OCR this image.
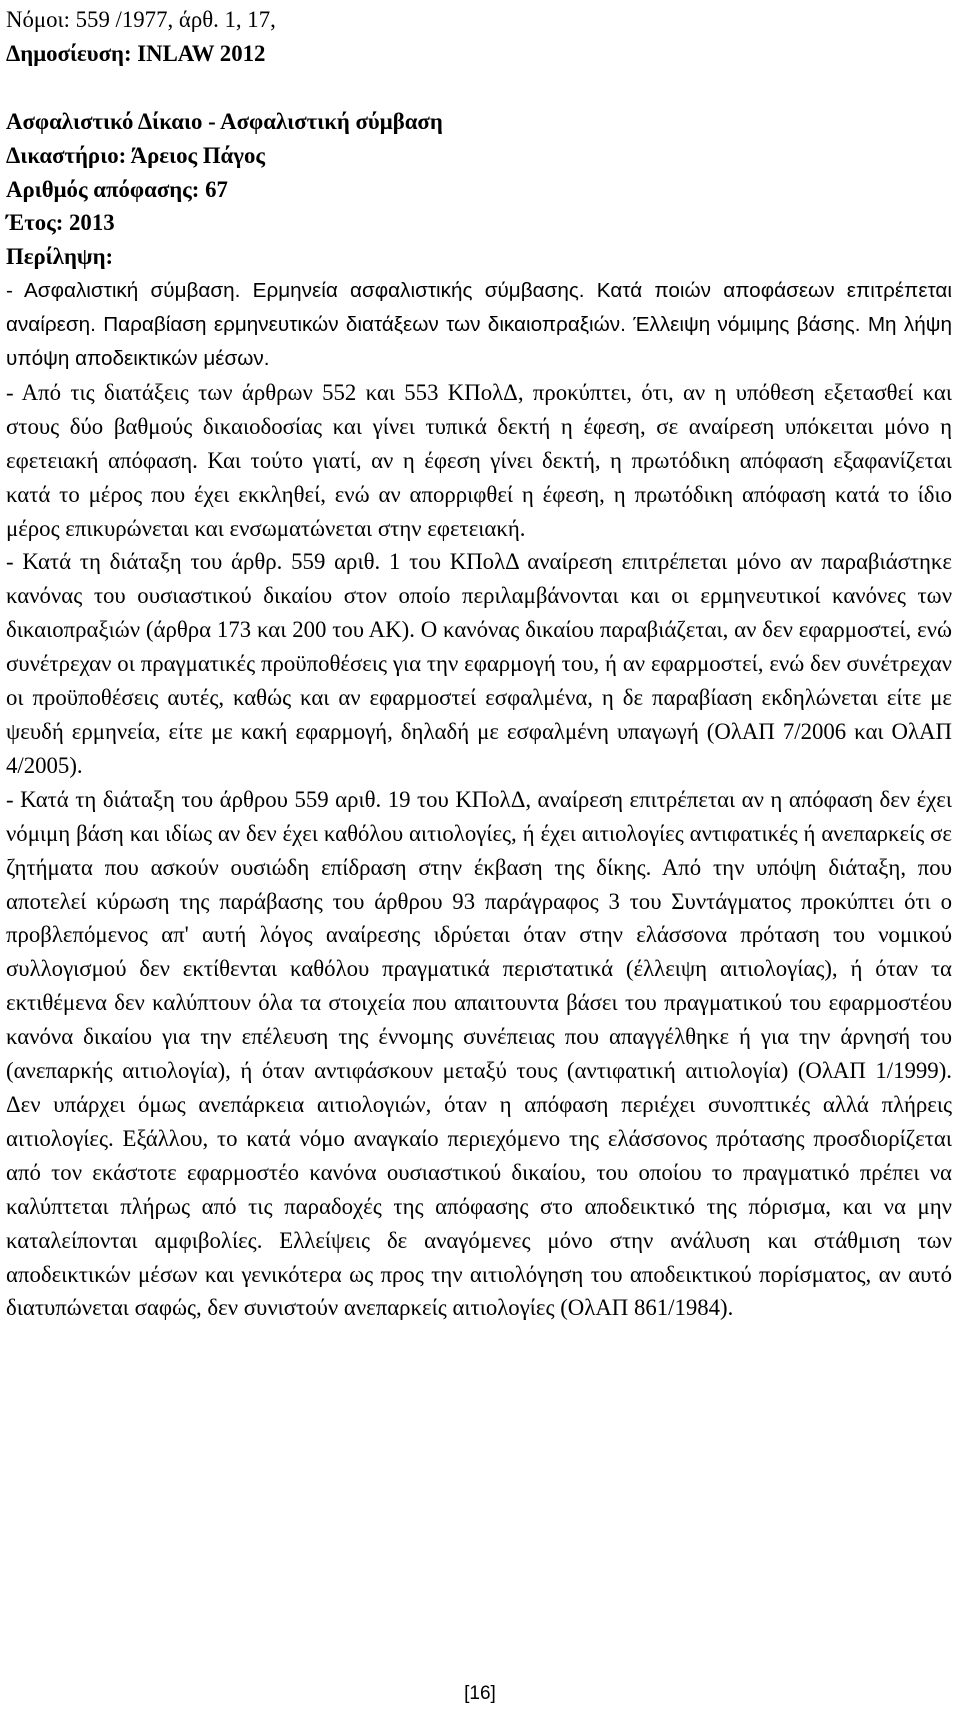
Νόμοι: 559 /1977, άρθ. 1, 17,

Δημοσίευση: INLAW 2012

Ασφαλιστικό Δίκαιο - Ασφαλιστική σύμβαση

Δικαστήριο: Άρειος Πάγος

Αριθμός απόφασης: 67

Έτος: 2013

Περίληψη:

- Ασφαλιστική σύμβαση. Ερμηνεία ασφαλιστικής σύμβασης. Κατά ποιών αποφάσεων επιτρέπεται αναίρεση. Παραβίαση ερμηνευτικών διατάξεων των δικαιοπραξιών. Έλλειψη νόμιμης βάσης. Μη λήψη υπόψη αποδεικτικών μέσων.

- Από τις διατάξεις των άρθρων 552 και 553 ΚΠολΔ, προκύπτει, ότι, αν η υπόθεση εξετασθεί και στους δύο βαθμούς δικαιοδοσίας και γίνει τυπικά δεκτή η έφεση, σε αναίρεση υπόκειται μόνο η εφετειακή απόφαση. Και τούτο γιατί, αν η έφεση γίνει δεκτή, η πρωτόδικη απόφαση εξαφανίζεται κατά το μέρος που έχει εκκληθεί, ενώ αν απορριφθεί η έφεση, η πρωτόδικη απόφαση κατά το ίδιο μέρος επικυρώνεται και ενσωματώνεται στην εφετειακή.

- Κατά τη διάταξη του άρθρ. 559 αριθ. 1 του ΚΠολΔ αναίρεση επιτρέπεται μόνο αν παραβιάστηκε κανόνας του ουσιαστικού δικαίου στον οποίο περιλαμβάνονται και οι ερμηνευτικοί κανόνες των δικαιοπραξιών (άρθρα 173 και 200 του ΑΚ). Ο κανόνας δικαίου παραβιάζεται, αν δεν εφαρμοστεί, ενώ συνέτρεχαν οι πραγματικές προϋποθέσεις για την εφαρμογή του, ή αν εφαρμοστεί, ενώ δεν συνέτρεχαν οι προϋποθέσεις αυτές, καθώς και αν εφαρμοστεί εσφαλμένα, η δε παραβίαση εκδηλώνεται είτε με ψευδή ερμηνεία, είτε με κακή εφαρμογή, δηλαδή με εσφαλμένη υπαγωγή (ΟλΑΠ 7/2006 και ΟλΑΠ 4/2005).

- Κατά τη διάταξη του άρθρου 559 αριθ. 19 του ΚΠολΔ, αναίρεση επιτρέπεται αν η απόφαση δεν έχει νόμιμη βάση και ιδίως αν δεν έχει καθόλου αιτιολογίες, ή έχει αιτιολογίες αντιφατικές ή ανεπαρκείς σε ζητήματα που ασκούν ουσιώδη επίδραση στην έκβαση της δίκης. Από την υπόψη διάταξη, που αποτελεί κύρωση της παράβασης του άρθρου 93 παράγραφος 3 του Συντάγματος προκύπτει ότι ο προβλεπόμενος απ' αυτή λόγος αναίρεσης ιδρύεται όταν στην ελάσσονα πρόταση του νομικού συλλογισμού δεν εκτίθενται καθόλου πραγματικά περιστατικά (έλλειψη αιτιολογίας), ή όταν τα εκτιθέμενα δεν καλύπτουν όλα τα στοιχεία που απαιτουντα βάσει του πραγματικού του εφαρμοστέου κανόνα δικαίου για την επέλευση της έννομης συνέπειας που απαγγέλθηκε ή για την άρνησή του (ανεπαρκής αιτιολογία), ή όταν αντιφάσκουν μεταξύ τους (αντιφατική αιτιολογία) (ΟλΑΠ 1/1999). Δεν υπάρχει όμως ανεπάρκεια αιτιολογιών, όταν η απόφαση περιέχει συνοπτικές αλλά πλήρεις αιτιολογίες. Εξάλλου, το κατά νόμο αναγκαίο περιεχόμενο της ελάσσονος πρότασης προσδιορίζεται από τον εκάστοτε εφαρμοστέο κανόνα ουσιαστικού δικαίου, του οποίου το πραγματικό πρέπει να καλύπτεται πλήρως από τις παραδοχές της απόφασης στο αποδεικτικό της πόρισμα, και να μην καταλείπονται αμφιβολίες. Ελλείψεις δε αναγόμενες μόνο στην ανάλυση και στάθμιση των αποδεικτικών μέσων και γενικότερα ως προς την αιτιολόγηση του αποδεικτικού πορίσματος, αν αυτό διατυπώνεται σαφώς, δεν συνιστούν ανεπαρκείς αιτιολογίες (ΟλΑΠ 861/1984).

[16]
